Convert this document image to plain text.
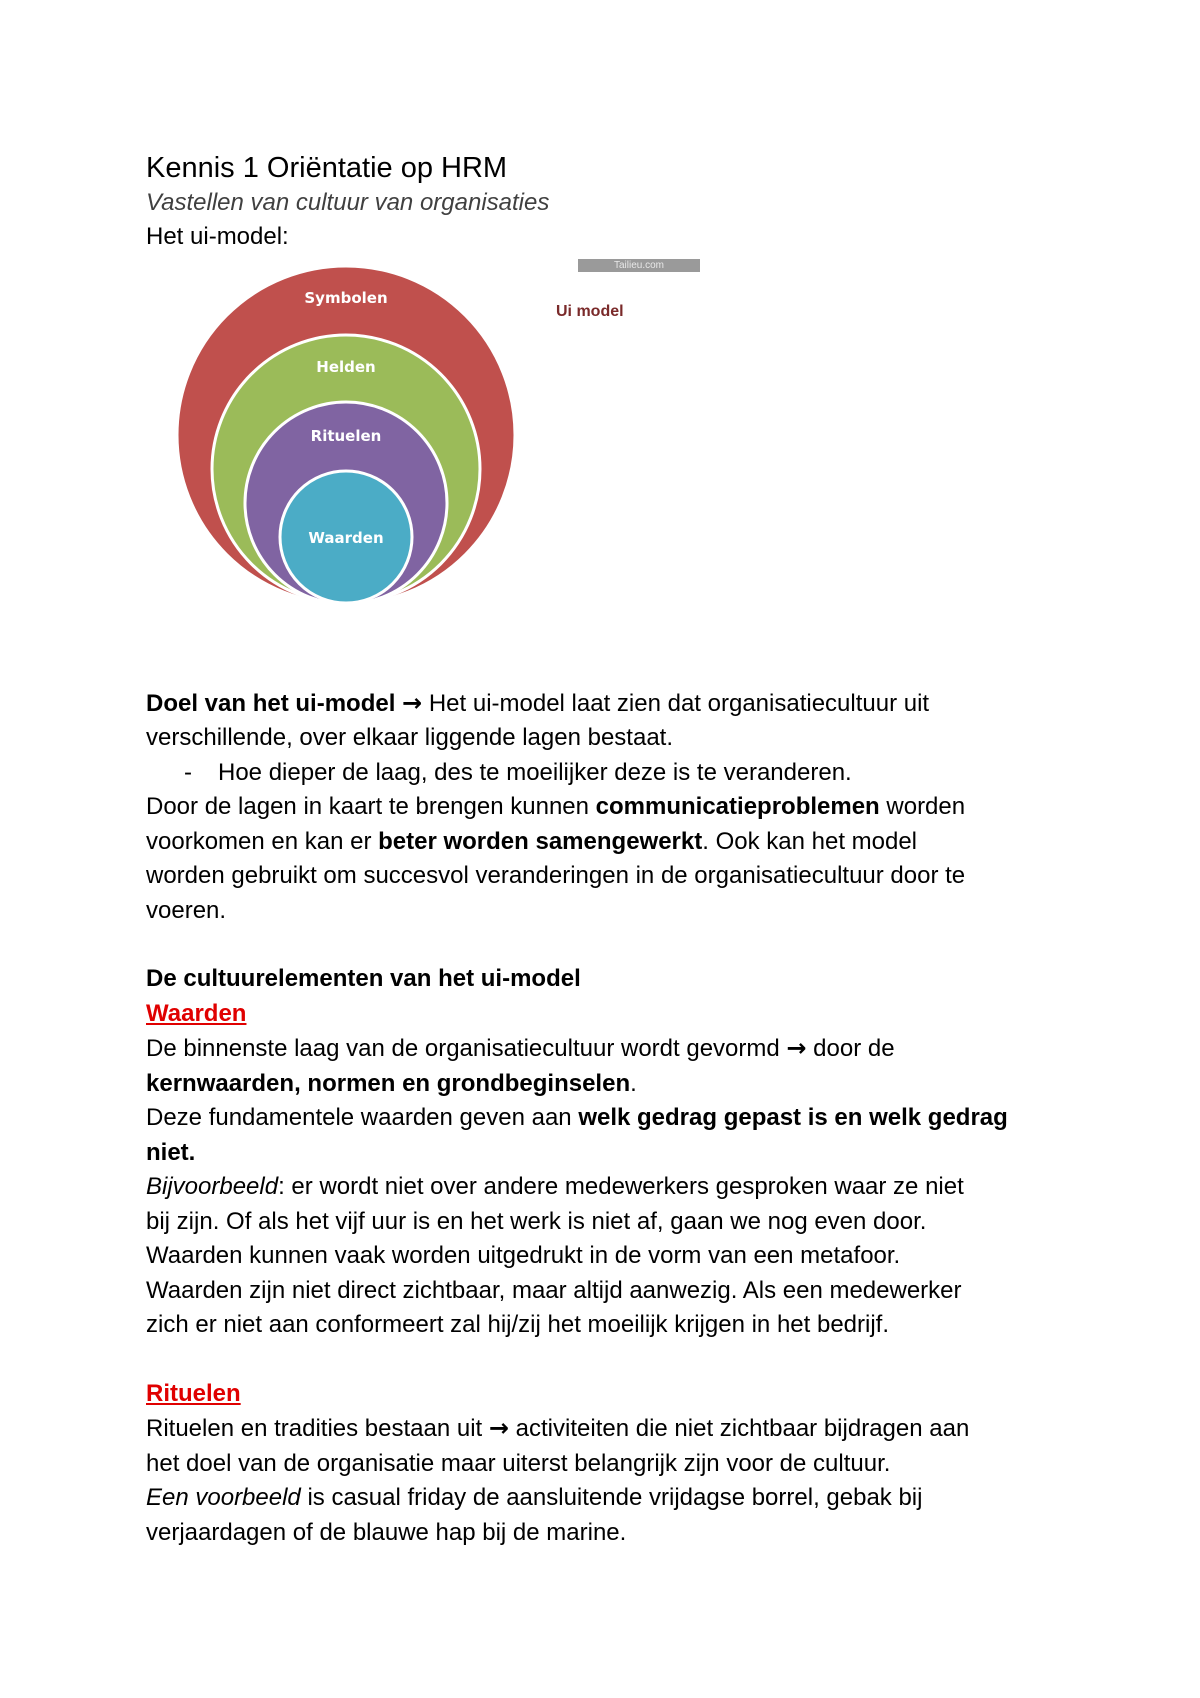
Kennis 1 Oriëntatie op HRM

Vastellen van cultuur van organisaties

Het ui-model:

Tailieu.com
Ui model
Symbolen
Helden
Rituelen
Waarden

Doel van het ui-model → Het ui-model laat zien dat organisatiecultuur uit

verschillende, over elkaar liggende lagen bestaat.

- Hoe dieper de laag, des te moeilijker deze is te veranderen.

Door de lagen in kaart te brengen kunnen communicatieproblemen worden

voorkomen en kan er beter worden samengewerkt. Ook kan het model

worden gebruikt om succesvol veranderingen in de organisatiecultuur door te

voeren.

De cultuurelementen van het ui-model

Waarden

De binnenste laag van de organisatiecultuur wordt gevormd → door de

kernwaarden, normen en grondbeginselen.

Deze fundamentele waarden geven aan welk gedrag gepast is en welk gedrag

niet.

Bijvoorbeeld: er wordt niet over andere medewerkers gesproken waar ze niet

bij zijn. Of als het vijf uur is en het werk is niet af, gaan we nog even door.

Waarden kunnen vaak worden uitgedrukt in de vorm van een metafoor.

Waarden zijn niet direct zichtbaar, maar altijd aanwezig. Als een medewerker

zich er niet aan conformeert zal hij/zij het moeilijk krijgen in het bedrijf.

Rituelen

Rituelen en tradities bestaan uit → activiteiten die niet zichtbaar bijdragen aan

het doel van de organisatie maar uiterst belangrijk zijn voor de cultuur.

Een voorbeeld is casual friday de aansluitende vrijdagse borrel, gebak bij

verjaardagen of de blauwe hap bij de marine.
